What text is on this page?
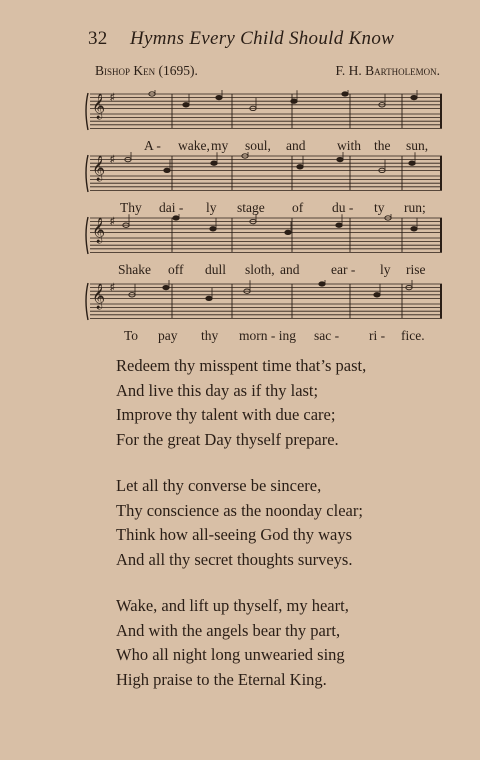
32 Hymns Every Child Should Know
Bishop Ken (1695).	F. H. Bartholemon.
𝄞 ♯
A - wake, my soul, and with the sun,
𝄞 ♯
Thy dai - ly stage of du - ty run;
𝄞 ♯
Shake off dull sloth, and ear - ly rise
𝄞 ♯
To pay thy morn - ing sac - ri - fice.
Redeem thy misspent time that’s past,
And live this day as if thy last;
Improve thy talent with due care;
For the great Day thyself prepare.
Let all thy converse be sincere,
Thy conscience as the noonday clear;
Think how all-seeing God thy ways
And all thy secret thoughts surveys.
Wake, and lift up thyself, my heart,
And with the angels bear thy part,
Who all night long unwearied sing
High praise to the Eternal King.
